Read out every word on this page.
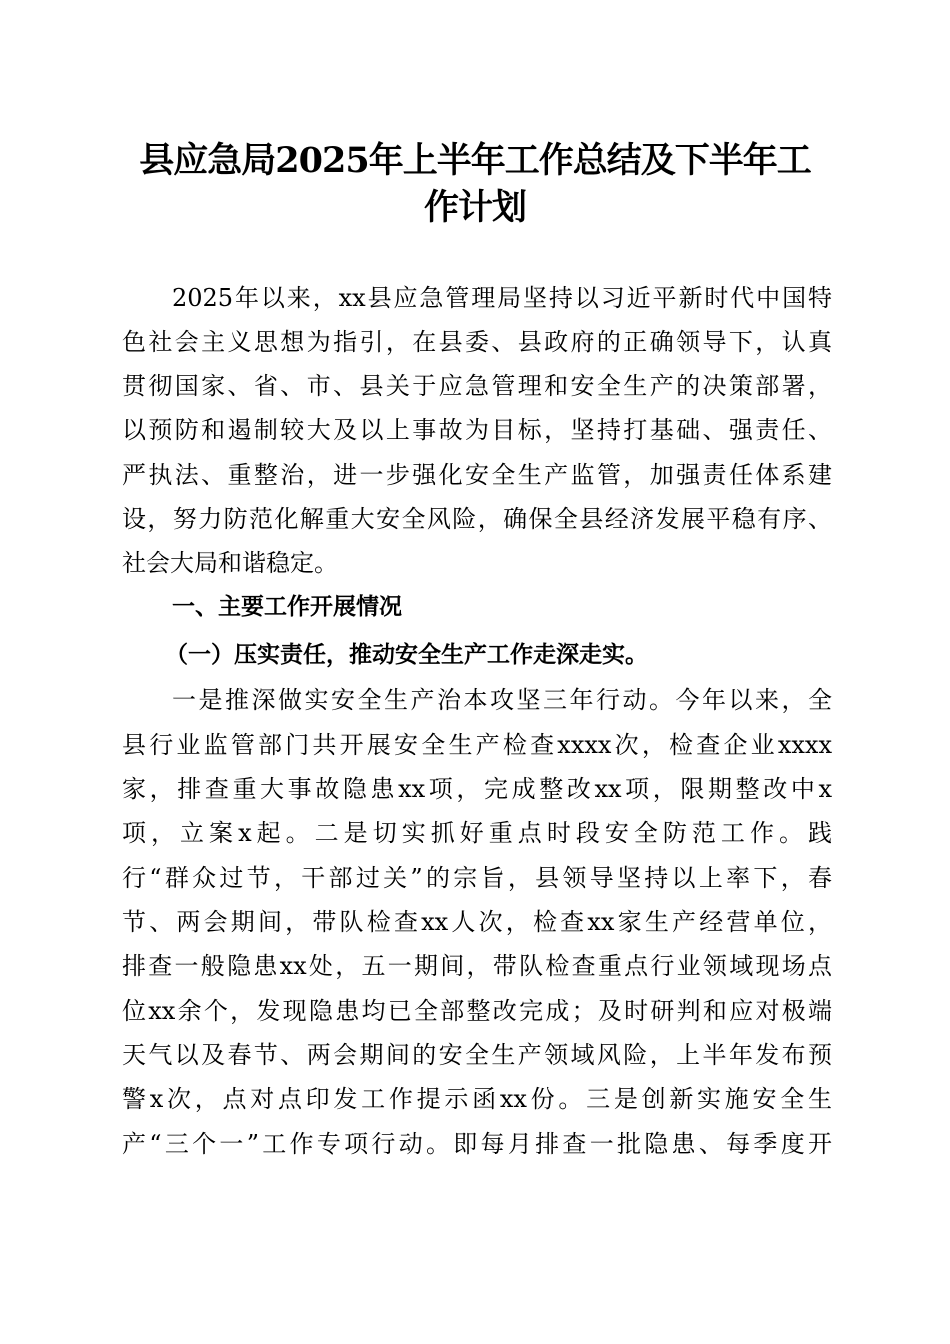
县应急局2025年上半年工作总结及下半年工
作计划
2025年以来，xx县应急管理局坚持以习近平新时代中国特
色社会主义思想为指引，在县委、县政府的正确领导下，认真
贯彻国家、省、市、县关于应急管理和安全生产的决策部署，
以预防和遏制较大及以上事故为目标，坚持打基础、强责任、
严执法、重整治，进一步强化安全生产监管，加强责任体系建
设，努力防范化解重大安全风险，确保全县经济发展平稳有序、
社会大局和谐稳定。
一、主要工作开展情况
（一）压实责任，推动安全生产工作走深走实。
一是推深做实安全生产治本攻坚三年行动。今年以来，全
县行业监管部门共开展安全生产检查xxxx次，检查企业xxxx
家，排查重大事故隐患xx项，完成整改xx项，限期整改中x
项，立案x起。二是切实抓好重点时段安全防范工作。践
行“群众过节，干部过关”的宗旨，县领导坚持以上率下，春
节、两会期间，带队检查xx人次，检查xx家生产经营单位，
排查一般隐患xx处，五一期间，带队检查重点行业领域现场点
位xx余个，发现隐患均已全部整改完成；及时研判和应对极端
天气以及春节、两会期间的安全生产领域风险，上半年发布预
警x次，点对点印发工作提示函xx份。三是创新实施安全生
产“三个一”工作专项行动。即每月排查一批隐患、每季度开
